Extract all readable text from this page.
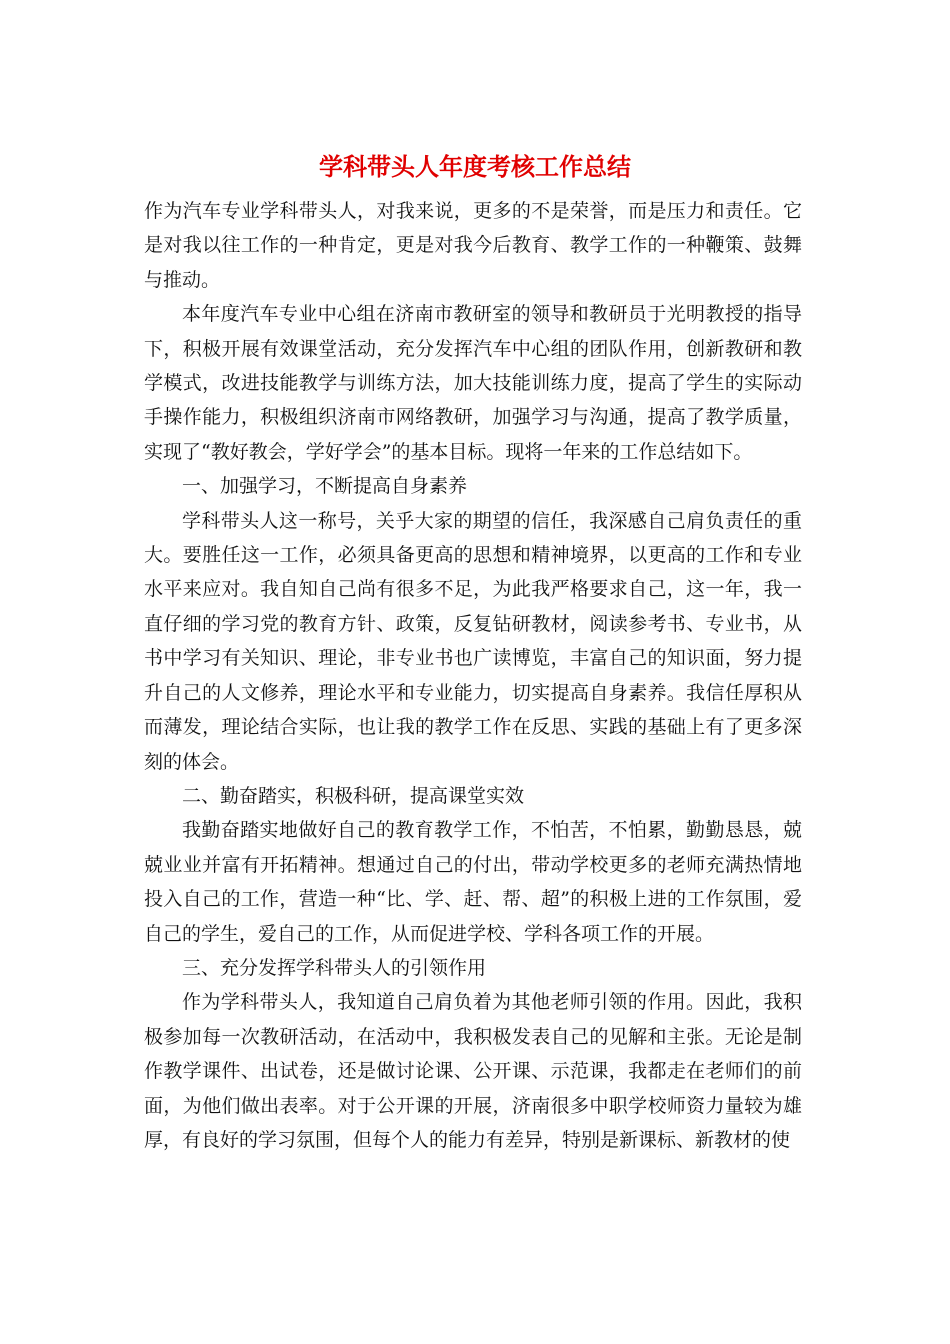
学科带头人年度考核工作总结

作为汽车专业学科带头人，对我来说，更多的不是荣誉，而是压力和责任。它是对我以往工作的一种肯定，更是对我今后教育、教学工作的一种鞭策、鼓舞与推动。

本年度汽车专业中心组在济南市教研室的领导和教研员于光明教授的指导下，积极开展有效课堂活动，充分发挥汽车中心组的团队作用，创新教研和教学模式，改进技能教学与训练方法，加大技能训练力度，提高了学生的实际动手操作能力，积极组织济南市网络教研，加强学习与沟通，提高了教学质量，实现了“教好教会，学好学会”的基本目标。现将一年来的工作总结如下。

一、加强学习，不断提高自身素养

学科带头人这一称号，关乎大家的期望的信任，我深感自己肩负责任的重大。要胜任这一工作，必须具备更高的思想和精神境界，以更高的工作和专业水平来应对。我自知自己尚有很多不足，为此我严格要求自己，这一年，我一直仔细的学习党的教育方针、政策，反复钻研教材，阅读参考书、专业书，从书中学习有关知识、理论，非专业书也广读博览，丰富自己的知识面，努力提升自己的人文修养，理论水平和专业能力，切实提高自身素养。我信任厚积从而薄发，理论结合实际，也让我的教学工作在反思、实践的基础上有了更多深刻的体会。

二、勤奋踏实，积极科研，提高课堂实效

我勤奋踏实地做好自己的教育教学工作，不怕苦，不怕累，勤勤恳恳，兢兢业业并富有开拓精神。想通过自己的付出，带动学校更多的老师充满热情地投入自己的工作，营造一种“比、学、赶、帮、超”的积极上进的工作氛围，爱自己的学生，爱自己的工作，从而促进学校、学科各项工作的开展。

三、充分发挥学科带头人的引领作用

作为学科带头人，我知道自己肩负着为其他老师引领的作用。因此，我积极参加每一次教研活动，在活动中，我积极发表自己的见解和主张。无论是制作教学课件、出试卷，还是做讨论课、公开课、示范课，我都走在老师们的前面，为他们做出表率。对于公开课的开展，济南很多中职学校师资力量较为雄厚，有良好的学习氛围，但每个人的能力有差异，特别是新课标、新教材的使
